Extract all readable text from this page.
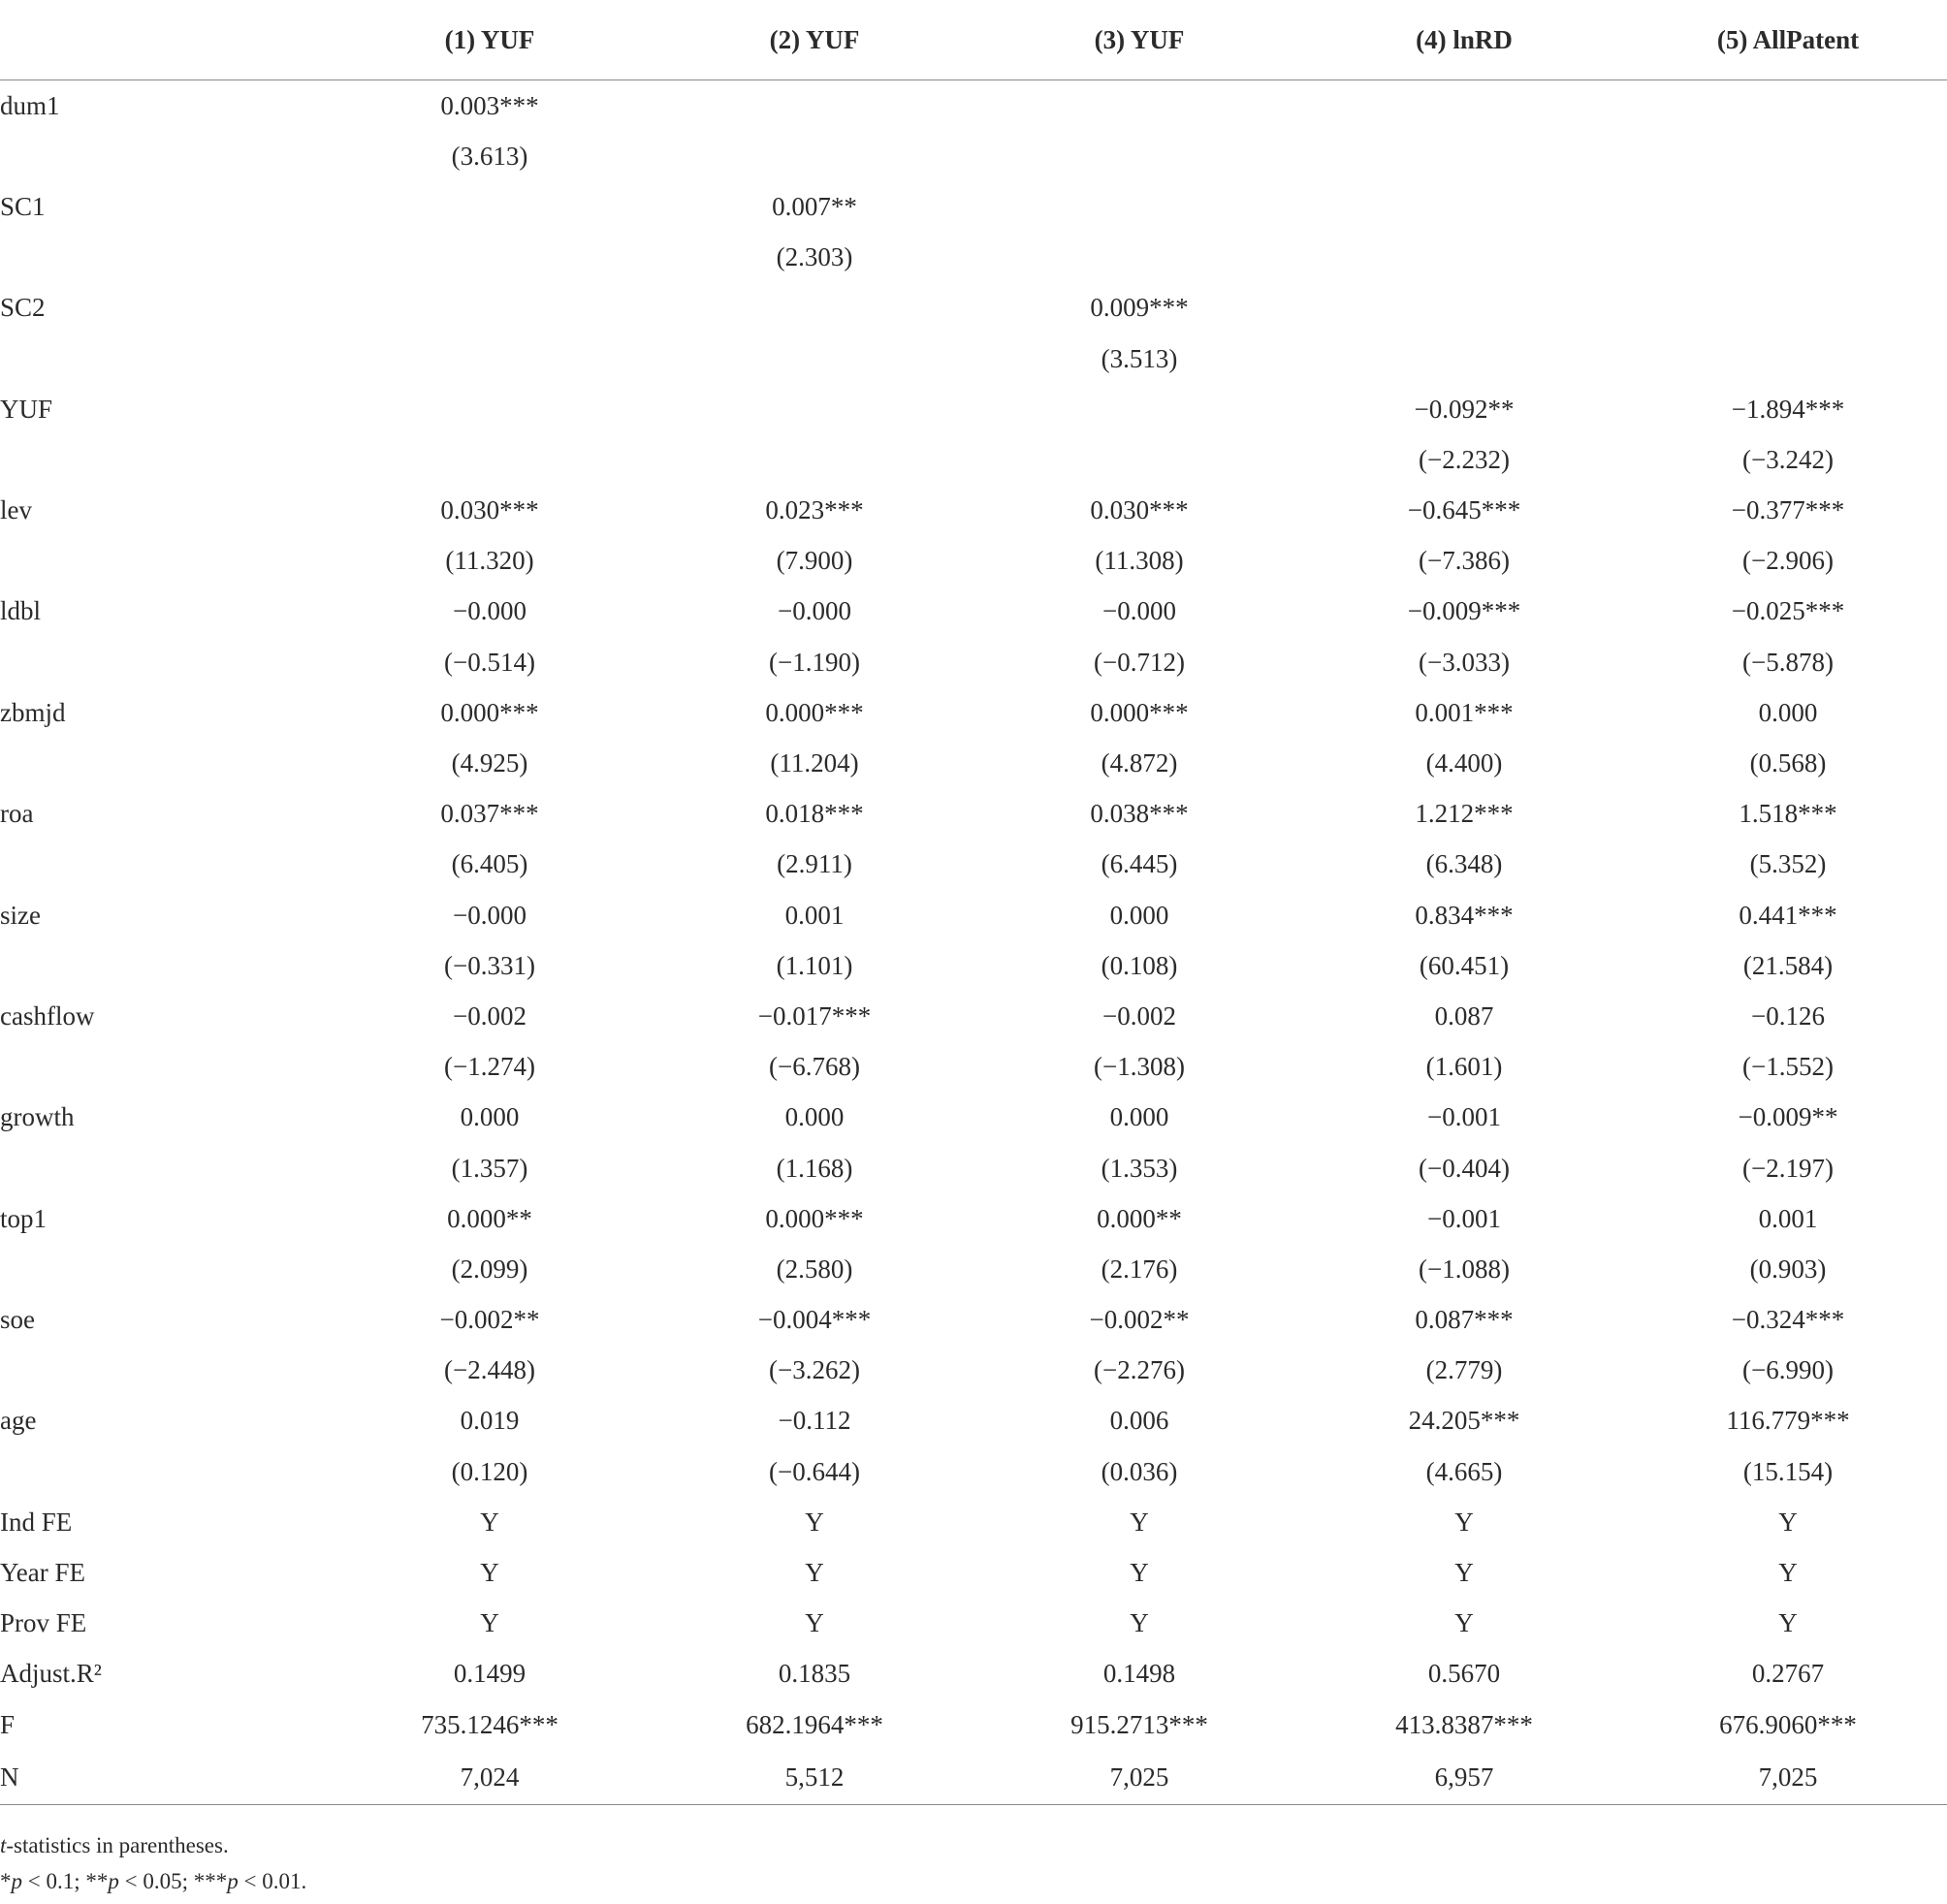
	(1) YUF	(2) YUF	(3) YUF	(4) lnRD	(5) AllPatent
dum1	0.003***				
	(3.613)				
SC1		0.007**			
		(2.303)			
SC2			0.009***		
			(3.513)		
YUF				−0.092**	−1.894***
				(−2.232)	(−3.242)
lev	0.030***	0.023***	0.030***	−0.645***	−0.377***
	(11.320)	(7.900)	(11.308)	(−7.386)	(−2.906)
ldbl	−0.000	−0.000	−0.000	−0.009***	−0.025***
	(−0.514)	(−1.190)	(−0.712)	(−3.033)	(−5.878)
zbmjd	0.000***	0.000***	0.000***	0.001***	0.000
	(4.925)	(11.204)	(4.872)	(4.400)	(0.568)
roa	0.037***	0.018***	0.038***	1.212***	1.518***
	(6.405)	(2.911)	(6.445)	(6.348)	(5.352)
size	−0.000	0.001	0.000	0.834***	0.441***
	(−0.331)	(1.101)	(0.108)	(60.451)	(21.584)
cashflow	−0.002	−0.017***	−0.002	0.087	−0.126
	(−1.274)	(−6.768)	(−1.308)	(1.601)	(−1.552)
growth	0.000	0.000	0.000	−0.001	−0.009**
	(1.357)	(1.168)	(1.353)	(−0.404)	(−2.197)
top1	0.000**	0.000***	0.000**	−0.001	0.001
	(2.099)	(2.580)	(2.176)	(−1.088)	(0.903)
soe	−0.002**	−0.004***	−0.002**	0.087***	−0.324***
	(−2.448)	(−3.262)	(−2.276)	(2.779)	(−6.990)
age	0.019	−0.112	0.006	24.205***	116.779***
	(0.120)	(−0.644)	(0.036)	(4.665)	(15.154)
Ind FE	Y	Y	Y	Y	Y
Year FE	Y	Y	Y	Y	Y
Prov FE	Y	Y	Y	Y	Y
Adjust.R²	0.1499	0.1835	0.1498	0.5670	0.2767
F	735.1246***	682.1964***	915.2713***	413.8387***	676.9060***
N	7,024	5,512	7,025	6,957	7,025
t-statistics in parentheses.
*p < 0.1; **p < 0.05; ***p < 0.01.
